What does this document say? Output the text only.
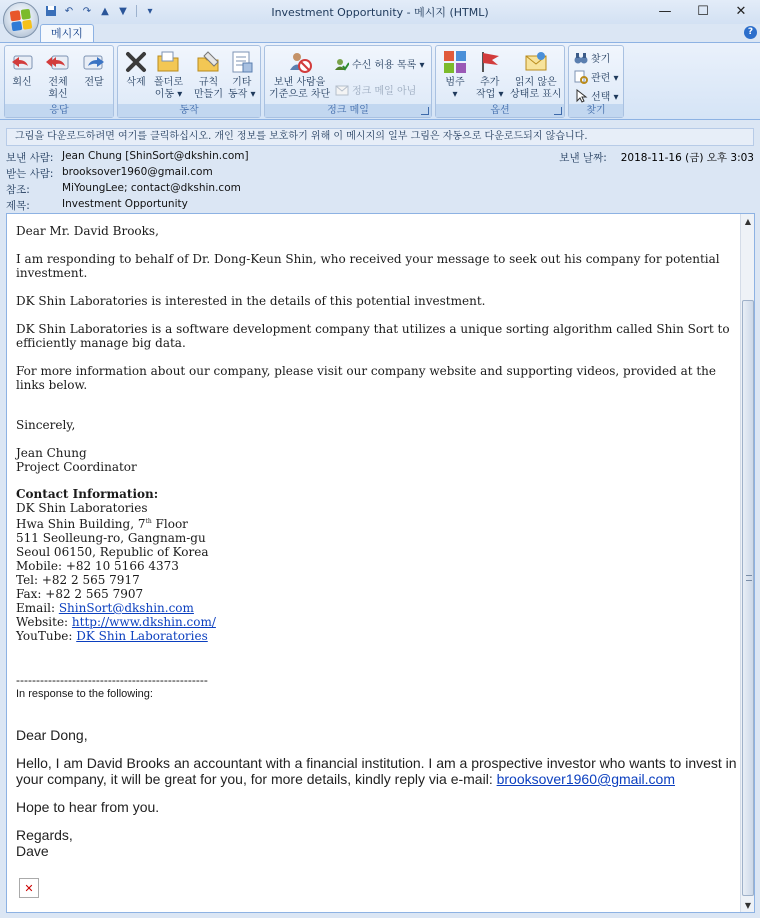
↶ ↷ ▲	▼	▾	Investment Opportunity - 메시지 (HTML)	—	☐	✕
메시지	?
회신 전체
회신
전달
응답
삭제 폴더로
이동 ▾
규칙
만들기
기타
동작 ▾
동작
보낸 사람을
기준으로 차단
수신 허용 목록 ▾
정크 메일 아님
정크 메일
범주
▾
추가
작업 ▾
읽지 않은
상태로 표시
옵션
찾기
관련 ▾
선택 ▾
찾기
그림을 다운로드하려면 여기를 클릭하십시오. 개인 정보를 보호하기 위해 이 메시지의 일부 그림은 자동으로 다운로드되지 않습니다.
보낸 사람: Jean Chung [ShinSort@dkshin.com]	보낸 날짜: 2018-11-16 (금) 오후 3:03
받는 사람: brooksover1960@gmail.com
참조:	MiYoungLee; contact@dkshin.com
제목:	Investment Opportunity

Dear Mr. David Brooks,

I am responding to behalf of Dr. Dong-Keun Shin, who received your message to seek out his company for potential investment.

DK Shin Laboratories is interested in the details of this potential investment.

DK Shin Laboratories is a software development company that utilizes a unique sorting algorithm called Shin Sort to efficiently manage big data.

For more information about our company, please visit our company website and supporting videos, provided at the links below.

Sincerely,

Jean Chung
Project Coordinator
Contact Information:
DK Shin Laboratories
Hwa Shin Building, 7th Floor
511 Seolleung-ro, Gangnam-gu
Seoul 06150, Republic of Korea
Mobile: +82 10 5166 4373
Tel: +82 2 565 7917
Fax: +82 2 565 7907
Email: ShinSort@dkshin.com
Website: http://www.dkshin.com/
YouTube: DK Shin Laboratories
------------------------------------------------
In response to the following:

Dear Dong,

Hello, I am David Brooks an accountant with a financial institution. I am a prospective investor who wants to invest in your company, it will be great for you, for more details, kindly reply via e-mail: brooksover1960@gmail.com

Hope to hear from you.

Regards,
Dave
✕
▲
▼
